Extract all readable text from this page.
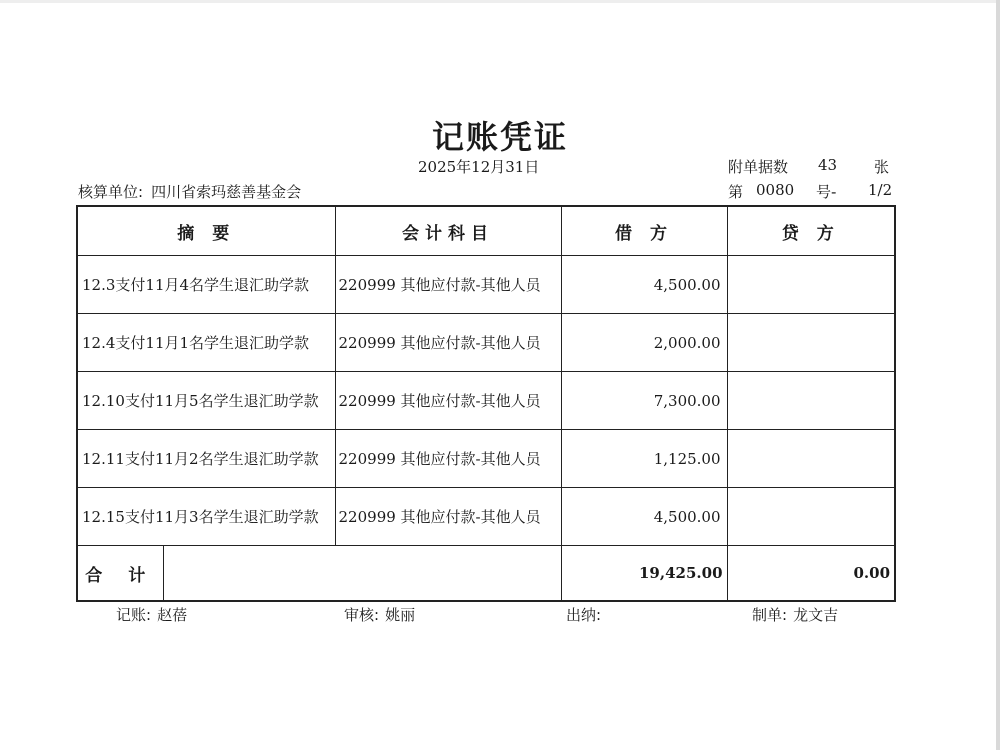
记账凭证
2025年12月31日
核算单位: 四川省索玛慈善基金会
附单据数 43 张
第 0080 号- 1/2
摘 要		会计科目	借 方	贷 方
12.3支付11月4名学生退汇助学款		220999 其他应付款-其他人员	4,500.00	
12.4支付11月1名学生退汇助学款		220999 其他应付款-其他人员	2,000.00	
12.10支付11月5名学生退汇助学款		220999 其他应付款-其他人员	7,300.00	
12.11支付11月2名学生退汇助学款		220999 其他应付款-其他人员	1,125.00	
12.15支付11月3名学生退汇助学款		220999 其他应付款-其他人员	4,500.00	
合 计			19,425.00	0.00
记账: 赵蓓	审核: 姚丽	出纳:	制单: 龙文吉
